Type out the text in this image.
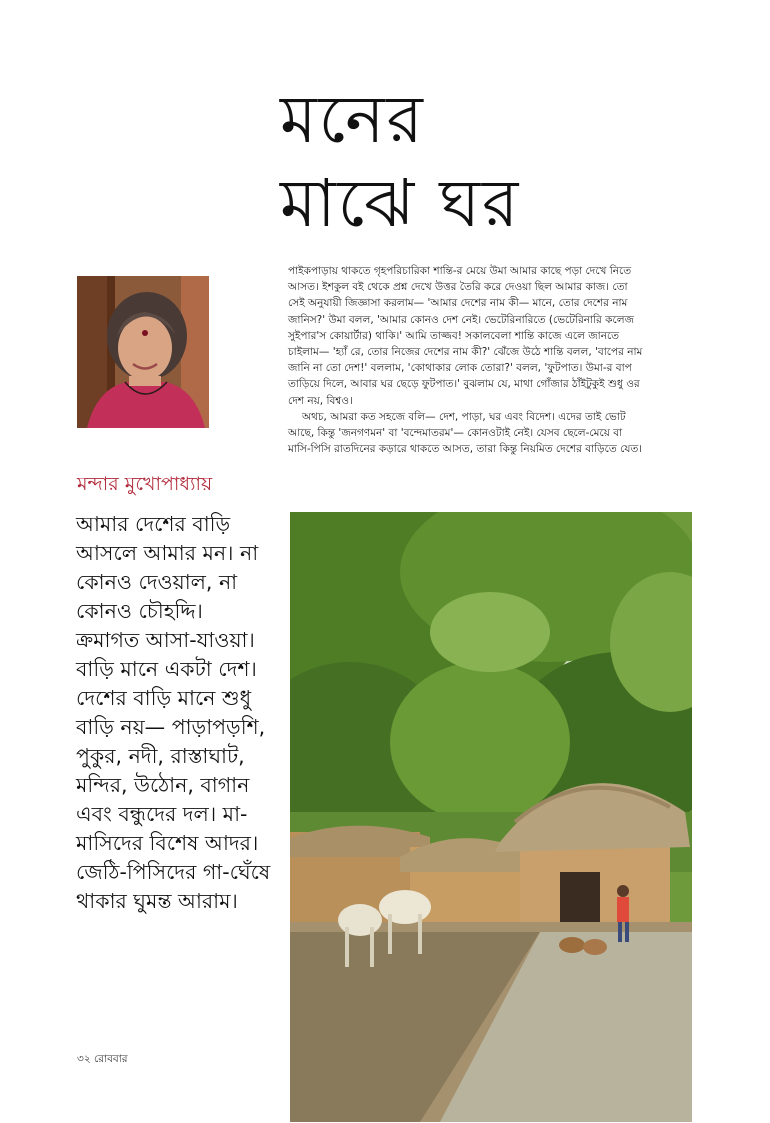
মনের
মাঝে ঘর
মন্দার মুখোপাধ্যায়
আমার দেশের বাড়ি
আসলে আমার মন। না
কোনও দেওয়াল, না
কোনও চৌহদ্দি।
ক্রমাগত আসা-যাওয়া।
বাড়ি মানে একটা দেশ।
দেশের বাড়ি মানে শুধু
বাড়ি নয়— পাড়াপড়শি,
পুকুর, নদী, রাস্তাঘাট,
মন্দির, উঠোন, বাগান
এবং বন্ধুদের দল। মা-
মাসিদের বিশেষ আদর।
জেঠি-পিসিদের গা-ঘেঁষে
থাকার ঘুমন্ত আরাম।

পাইকপাড়ায় থাকতে গৃহপরিচারিকা শান্তি-র মেয়ে উমা আমার কাছে পড়া দেখে নিতে

আসত। ইশকুল বই থেকে প্রশ্ন দেখে উত্তর তৈরি করে দেওয়া ছিল আমার কাজ। তো

সেই অনুযায়ী জিজ্ঞাসা করলাম— 'আমার দেশের নাম কী— মানে, তোর দেশের নাম

জানিস?' উমা বলল, 'আমার কোনও দেশ নেই। ভেটেরিনারিতে (ভেটেরিনারি কলেজ

সুইপার'স কোয়ার্টার) থাকি।' আমি তাজ্জব! সকালবেলা শান্তি কাজে এলে জানতে

চাইলাম— 'হ্যাঁ রে, তোর নিজের দেশের নাম কী?' ঝেঁজে উঠে শান্তি বলল, 'বাপের নাম

জানি না তো দেশ!' বললাম, 'কোথাকার লোক তোরা?' বলল, 'ফুটপাত। উমা-র বাপ

তাড়িয়ে দিলে, আবার ঘর ছেড়ে ফুটপাত।' বুঝলাম যে, মাথা গোঁজার ঠাঁইটুকুই শুধু ওর

দেশ নয়, বিশ্বও।

অথচ, আমরা কত সহজে বলি— দেশ, পাড়া, ঘর এবং বিদেশ। এদের তাই ভোট

আছে, কিন্তু 'জনগণমন' বা 'বন্দেমাতরম'— কোনওটাই নেই। যেসব ছেলে-মেয়ে বা

মাসি-পিসি রাতদিনের কড়ারে থাকতে আসত, তারা কিন্তু নিয়মিত দেশের বাড়িতে যেত।

৩২ রোববার
